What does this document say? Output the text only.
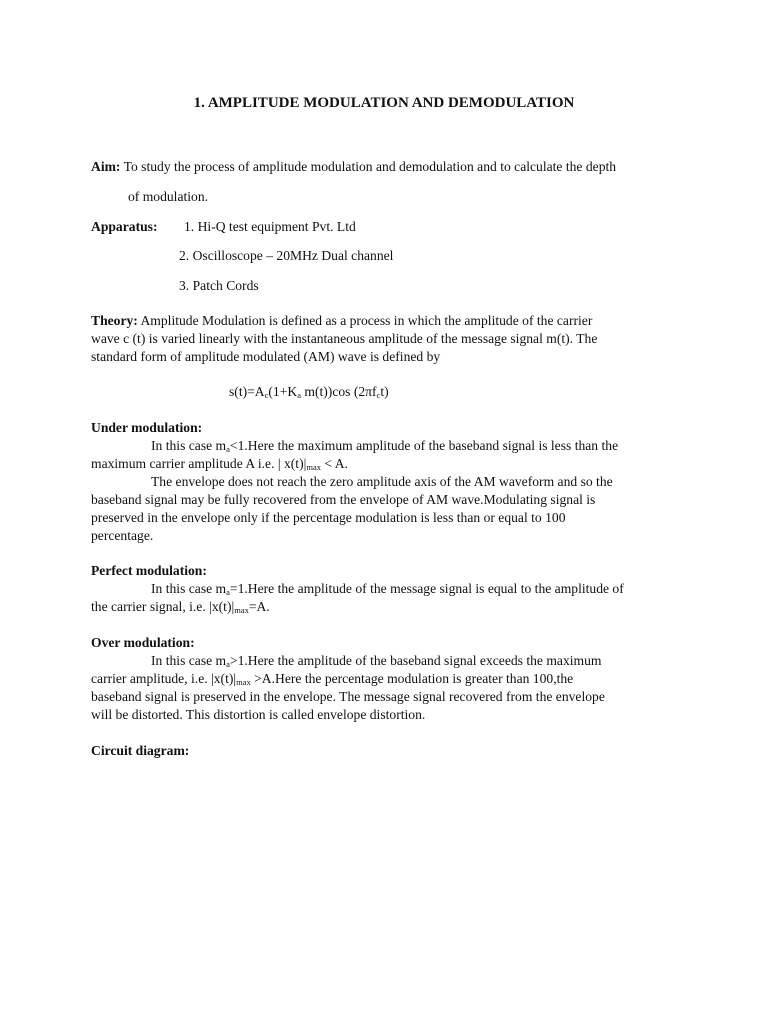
1. AMPLITUDE MODULATION AND DEMODULATION
Aim: To study the process of amplitude modulation and demodulation and to calculate the depth
of modulation.
Apparatus: 1. Hi-Q test equipment Pvt. Ltd
2. Oscilloscope – 20MHz Dual channel
3. Patch Cords
Theory: Amplitude Modulation is defined as a process in which the amplitude of the carrier
wave c (t) is varied linearly with the instantaneous amplitude of the message signal m(t). The
standard form of amplitude modulated (AM) wave is defined by
$s(t)=A_c(1+K_a$ m(t))cos $(2\pi f_ct)$
Under modulation:
In this case $m_a<1.Here$ the maximum amplitude of the baseband signal is less than the
maximum carrier amplitude A i.e. | $x(t)|_{max} < A$.
The envelope does not reach the zero amplitude axis of the AM waveform and so the
baseband signal may be fully recovered from the envelope of AM wave.Modulating signal is
preserved in the envelope only if the percentage modulation is less than or equal to 100
percentage.
Perfect modulation:
In this case $m_a=1.Here$ the amplitude of the message signal is equal to the amplitude of
the carrier signal, i.e. $|x(t)|_{max}=A$.
Over modulation:
In this case $m_a>1.Here$ the amplitude of the baseband signal exceeds the maximum
carrier amplitude, i.e. $|x(t)|_{max}$ >A.Here the percentage modulation is greater than 100,the
baseband signal is preserved in the envelope. The message signal recovered from the envelope
will be distorted. This distortion is called envelope distortion.
Circuit diagram:
